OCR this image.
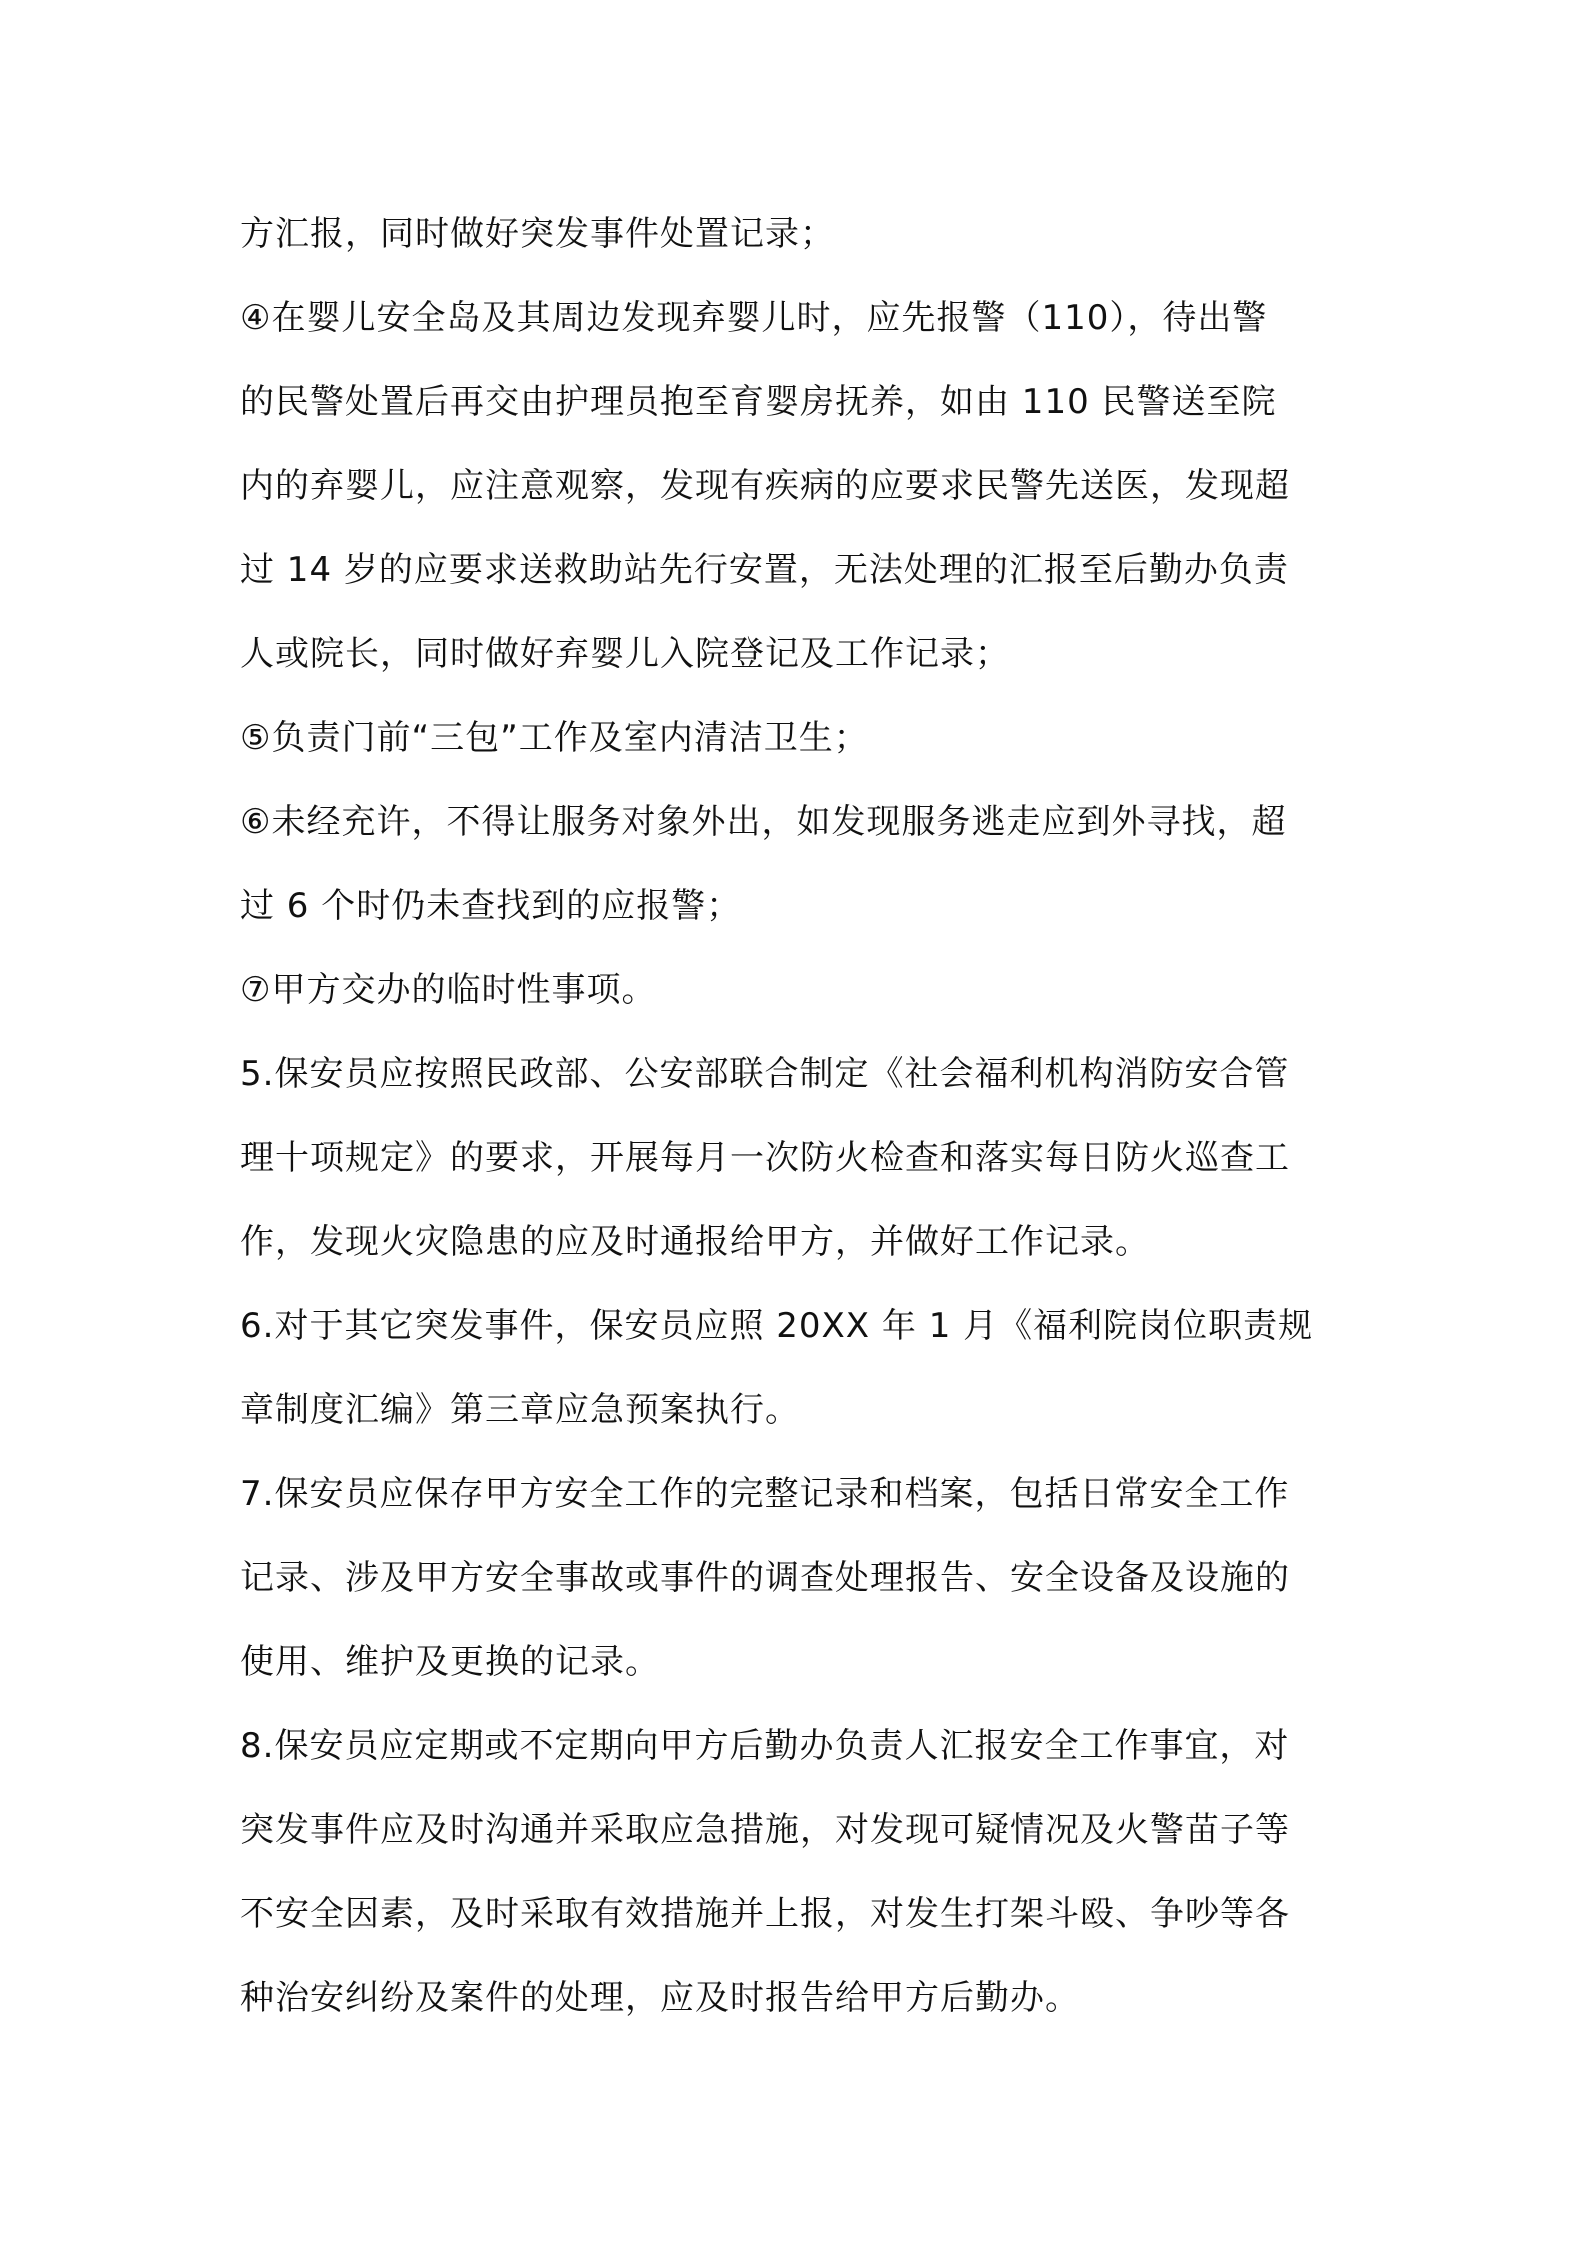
方汇报，同时做好突发事件处置记录；
④在婴儿安全岛及其周边发现弃婴儿时，应先报警（110），待出警
的民警处置后再交由护理员抱至育婴房抚养，如由 110 民警送至院
内的弃婴儿，应注意观察，发现有疾病的应要求民警先送医，发现超
过 14 岁的应要求送救助站先行安置，无法处理的汇报至后勤办负责
人或院长，同时做好弃婴儿入院登记及工作记录；
⑤负责门前“三包”工作及室内清洁卫生；
⑥未经充许，不得让服务对象外出，如发现服务逃走应到外寻找，超
过 6 个时仍未查找到的应报警；
⑦甲方交办的临时性事项。
5.保安员应按照民政部、公安部联合制定《社会福利机构消防安合管
理十项规定》的要求，开展每月一次防火检查和落实每日防火巡查工
作，发现火灾隐患的应及时通报给甲方，并做好工作记录。
6.对于其它突发事件，保安员应照 20XX 年 1 月《福利院岗位职责规
章制度汇编》第三章应急预案执行。
7.保安员应保存甲方安全工作的完整记录和档案，包括日常安全工作
记录、涉及甲方安全事故或事件的调查处理报告、安全设备及设施的
使用、维护及更换的记录。
8.保安员应定期或不定期向甲方后勤办负责人汇报安全工作事宜，对
突发事件应及时沟通并采取应急措施，对发现可疑情况及火警苗子等
不安全因素，及时采取有效措施并上报，对发生打架斗殴、争吵等各
种治安纠纷及案件的处理，应及时报告给甲方后勤办。
